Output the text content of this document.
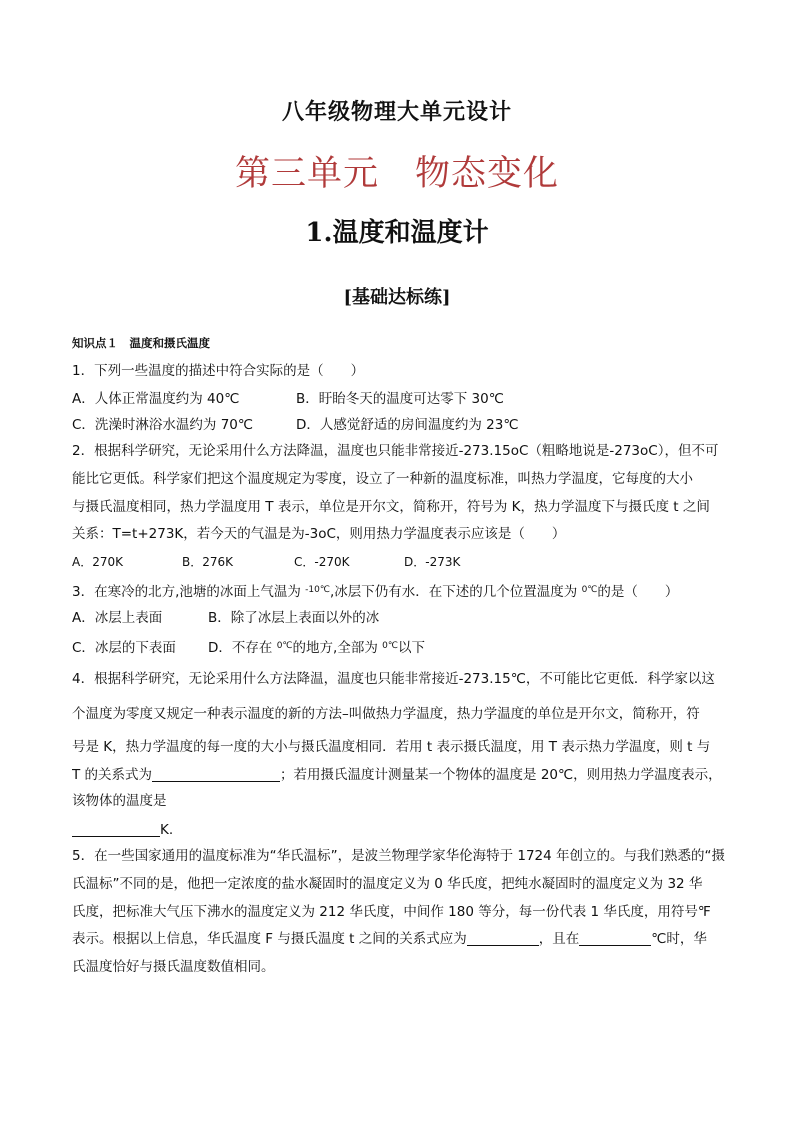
八年级物理大单元设计
第三单元　物态变化
1.温度和温度计
[基础达标练]
知识点１　温度和摄氏温度
1．下列一些温度的描述中符合实际的是（　　）
A．人体正常温度约为 40℃	B．盱眙冬天的温度可达零下 30℃
C．洗澡时淋浴水温约为 70℃	D．人感觉舒适的房间温度约为 23℃
2．根据科学研究，无论采用什么方法降温，温度也只能非常接近-273.15oC（粗略地说是-273oC），但不可
能比它更低。科学家们把这个温度规定为零度，设立了一种新的温度标准，叫热力学温度，它每度的大小
与摄氏温度相同，热力学温度用 T 表示，单位是开尔文，简称开，符号为 K，热力学温度下与摄氏度 t 之间
关系：T=t+273K，若今天的气温是为-3oC，则用热力学温度表示应该是（　　）
A．270K	B．276K	C．-270K	D．-273K
3．在寒冷的北方,池塘的冰面上气温为 $^{-10℃}$,冰层下仍有水．在下述的几个位置温度为 $^{0℃}$的是（　　）
A．冰层上表面	B．除了冰层上表面以外的冰
C．冰层的下表面 D．不存在 $^{0℃}$的地方,全部为 $^{0℃}$以下
4．根据科学研究，无论采用什么方法降温，温度也只能非常接近-273.15℃，不可能比它更低．科学家以这
个温度为零度又规定一种表示温度的新的方法–叫做热力学温度，热力学温度的单位是开尔文，简称开，符
号是 K，热力学温度的每一度的大小与摄氏温度相同．若用 t 表示摄氏温度，用 T 表示热力学温度，则 t 与
T 的关系式为	；若用摄氏温度计测量某一个物体的温度是 20℃，则用热力学温度表示，
该物体的温度是
K.
5．在一些国家通用的温度标准为“华氏温标”，是波兰物理学家华伦海特于 1724 年创立的。与我们熟悉的“摄
氏温标”不同的是，他把一定浓度的盐水凝固时的温度定义为 0 华氏度，把纯水凝固时的温度定义为 32 华
氏度，把标准大气压下沸水的温度定义为 212 华氏度，中间作 180 等分，每一份代表 1 华氏度，用符号℉
表示。根据以上信息，华氏温度 F 与摄氏温度 t 之间的关系式应为	，且在	℃时，华
氏温度恰好与摄氏温度数值相同。
